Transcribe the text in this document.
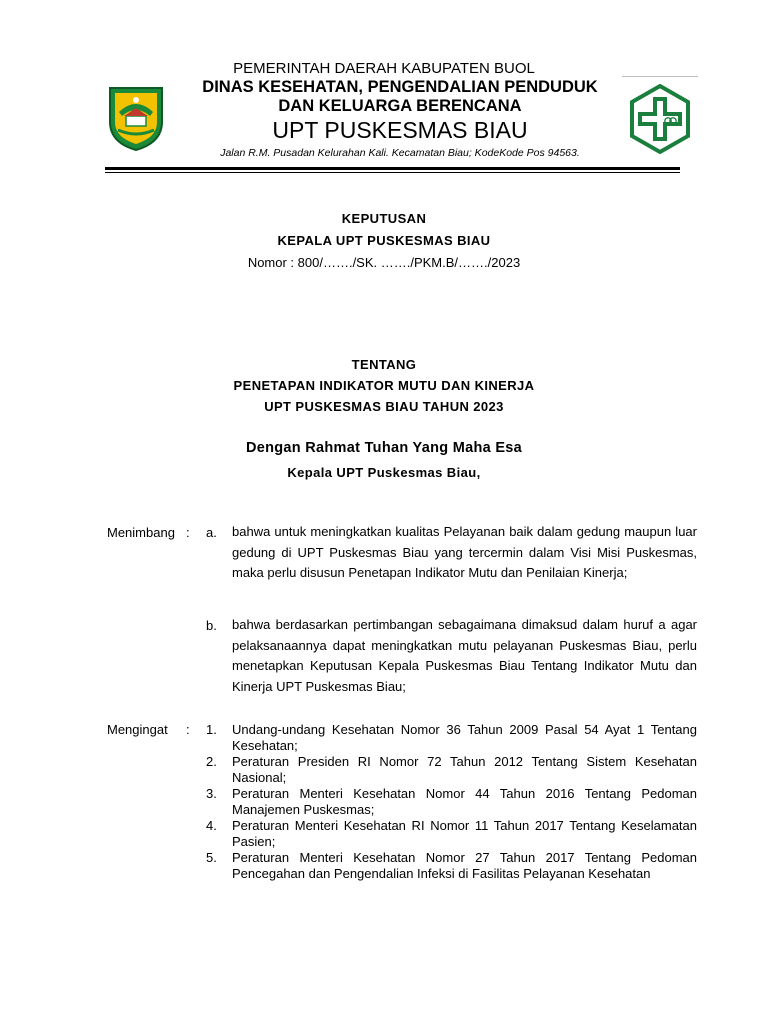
PEMERINTAH DAERAH KABUPATEN BUOL
DINAS KESEHATAN, PENGENDALIAN PENDUDUK
DAN KELUARGA BERENCANA
UPT PUSKESMAS BIAU
Jalan R.M. Pusadan Kelurahan Kali. Kecamatan Biau; KodeKode Pos 94563.
KEPUTUSAN
KEPALA UPT PUSKESMAS BIAU
Nomor : 800/……./SK. ……./PKM.B/……./2023
TENTANG
PENETAPAN INDIKATOR MUTU DAN KINERJA
UPT PUSKESMAS BIAU TAHUN 2023
Dengan Rahmat Tuhan Yang Maha Esa
Kepala UPT Puskesmas Biau,
Menimbang : a. bahwa untuk meningkatkan kualitas Pelayanan baik dalam gedung maupun luar gedung di UPT Puskesmas Biau yang tercermin dalam Visi Misi Puskesmas, maka perlu disusun Penetapan Indikator Mutu dan Penilaian Kinerja;
b. bahwa berdasarkan pertimbangan sebagaimana dimaksud dalam huruf a agar pelaksanaannya dapat meningkatkan mutu pelayanan Puskesmas Biau, perlu menetapkan Keputusan Kepala Puskesmas Biau Tentang Indikator Mutu dan Kinerja UPT Puskesmas Biau;
Mengingat : 1. Undang-undang Kesehatan Nomor 36 Tahun 2009 Pasal 54 Ayat 1 Tentang Kesehatan;
2. Peraturan Presiden RI Nomor 72 Tahun 2012 Tentang Sistem Kesehatan Nasional;
3. Peraturan Menteri Kesehatan Nomor 44 Tahun 2016 Tentang Pedoman Manajemen Puskesmas;
4. Peraturan Menteri Kesehatan RI Nomor 11 Tahun 2017 Tentang Keselamatan Pasien;
5. Peraturan Menteri Kesehatan Nomor 27 Tahun 2017 Tentang Pedoman Pencegahan dan Pengendalian Infeksi di Fasilitas Pelayanan Kesehatan
